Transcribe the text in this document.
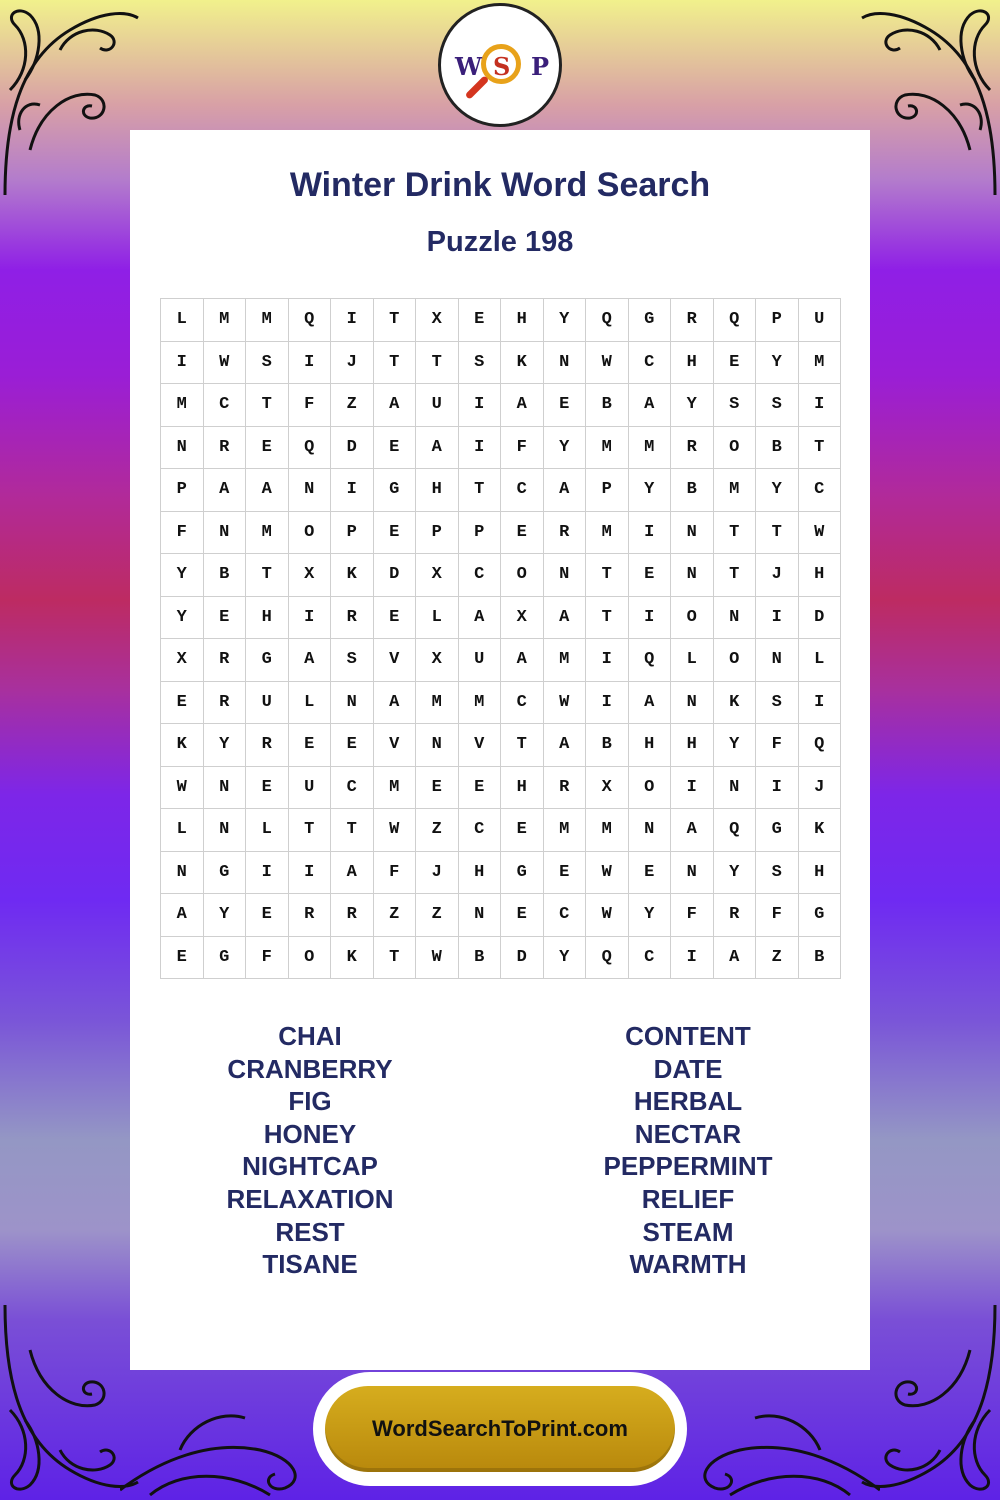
W S P
Winter Drink Word Search
Puzzle 198
L	M	M	Q	I	T	X	E	H	Y	Q	G	R	Q	P	U
I	W	S	I	J	T	T	S	K	N	W	C	H	E	Y	M
M	C	T	F	Z	A	U	I	A	E	B	A	Y	S	S	I
N	R	E	Q	D	E	A	I	F	Y	M	M	R	O	B	T
P	A	A	N	I	G	H	T	C	A	P	Y	B	M	Y	C
F	N	M	O	P	E	P	P	E	R	M	I	N	T	T	W
Y	B	T	X	K	D	X	C	O	N	T	E	N	T	J	H
Y	E	H	I	R	E	L	A	X	A	T	I	O	N	I	D
X	R	G	A	S	V	X	U	A	M	I	Q	L	O	N	L
E	R	U	L	N	A	M	M	C	W	I	A	N	K	S	I
K	Y	R	E	E	V	N	V	T	A	B	H	H	Y	F	Q
W	N	E	U	C	M	E	E	H	R	X	O	I	N	I	J
L	N	L	T	T	W	Z	C	E	M	M	N	A	Q	G	K
N	G	I	I	A	F	J	H	G	E	W	E	N	Y	S	H
A	Y	E	R	R	Z	Z	N	E	C	W	Y	F	R	F	G
E	G	F	O	K	T	W	B	D	Y	Q	C	I	A	Z	B
CHAI
CRANBERRY
FIG
HONEY
NIGHTCAP
RELAXATION
REST
TISANE
CONTENT
DATE
HERBAL
NECTAR
PEPPERMINT
RELIEF
STEAM
WARMTH
WordSearchToPrint.com
